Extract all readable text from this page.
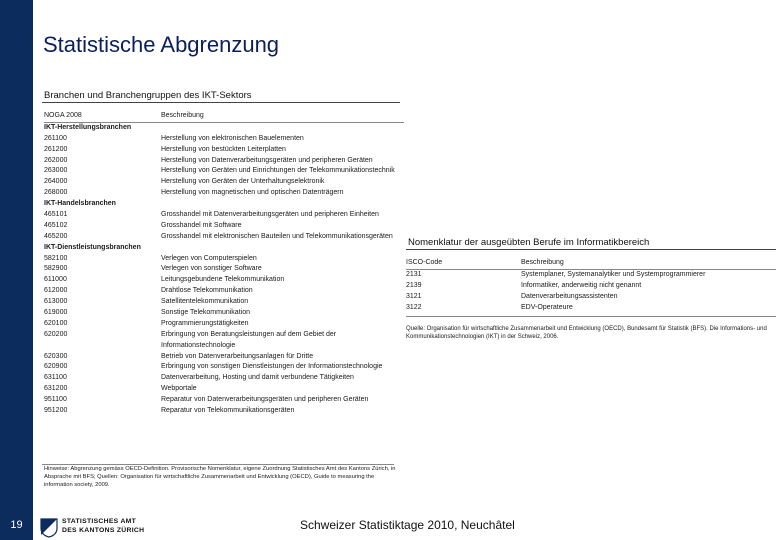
19
Statistische Abgrenzung
Branchen und Branchengruppen des IKT-Sektors
NOGA 2008	Beschreibung
IKT-Herstellungsbranchen
261100	Herstellung von elektronischen Bauelementen
261200	Herstellung von bestückten Leiterplatten
262000	Herstellung von Datenverarbeitungsgeräten und peripheren Geräten
263000	Herstellung von Geräten und Einrichtungen der Telekommunikationstechnik
264000	Herstellung von Geräten der Unterhaltungselektronik
268000	Herstellung von magnetischen und optischen Datenträgern
IKT-Handelsbranchen
465101	Grosshandel mit Datenverarbeitungsgeräten und peripheren Einheiten
465102	Grosshandel mit Software
465200	Grosshandel mit elektronischen Bauteilen und Telekommunikationsgeräten
IKT-Dienstleistungsbranchen
582100	Verlegen von Computerspielen
582900	Verlegen von sonstiger Software
611000	Leitungsgebundene Telekommunikation
612000	Drahtlose Telekommunikation
613000	Satellitentelekommunikation
619000	Sonstige Telekommunikation
620100	Programmierungstätigkeiten
620200	Erbringung von Beratungsleistungen auf dem Gebiet der
Informationstechnologie
620300	Betrieb von Datenverarbeitungsanlagen für Dritte
620900	Erbringung von sonstigen Dienstleistungen der Informationstechnologie
631100	Datenverarbeitung, Hosting und damit verbundene Tätigkeiten
631200	Webportale
951100	Reparatur von Datenverarbeitungsgeräten und peripheren Geräten
951200	Reparatur von Telekommunikationsgeräten
Hinweise: Abgrenzung gemäss OECD-Definition. Provisorische Nomenklatur, eigene Zuordnung Statistisches Amt des Kantons Zürich, in Absprache mit BFS; Quellen: Organisation für wirtschaftliche Zusammenarbeit und Entwicklung (OECD), Guide to measuring the information society, 2009.
Nomenklatur der ausgeübten Berufe im Informatikbereich
ISCO-Code	Beschreibung
2131	Systemplaner, Systemanalytiker und Systemprogrammierer
2139	Informatiker, anderweitig nicht genannt
3121	Datenverarbeitungsassistenten
3122	EDV-Operateure
Quelle: Organisation für wirtschaftliche Zusammenarbeit und Entwicklung (OECD), Bundesamt für Statistik (BFS). Die Informations- und Kommunikationstechnologien (IKT) in der Schweiz, 2006.
STATISTISCHES AMT
DES KANTONS ZÜRICH	Schweizer Statistiktage 2010, Neuchâtel
